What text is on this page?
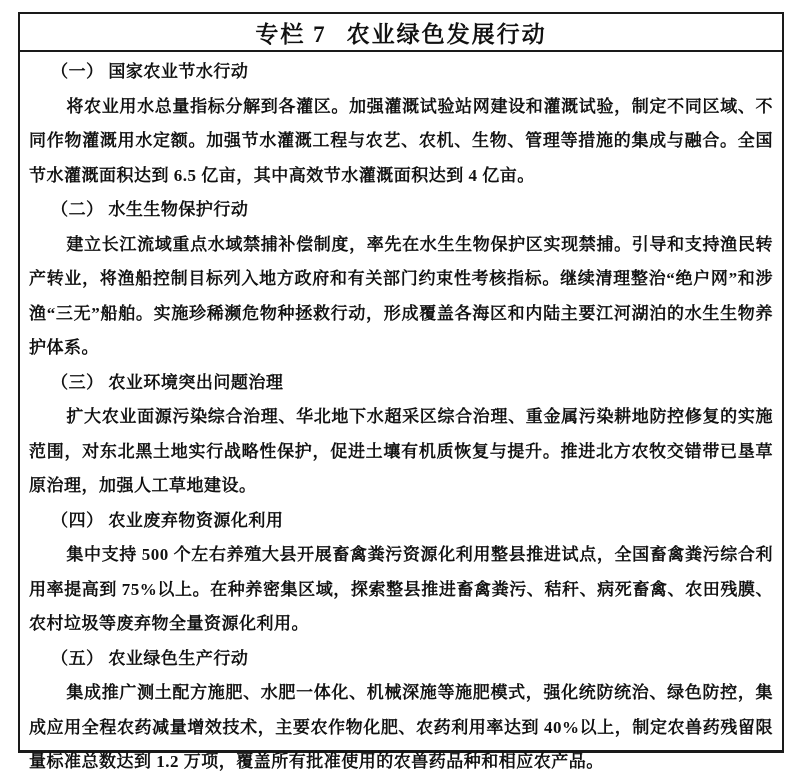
专栏 7 农业绿色发展行动
（一） 国家农业节水行动

将农业用水总量指标分解到各灌区。加强灌溉试验站网建设和灌溉试验，制定不同区域、不同作物灌溉用水定额。加强节水灌溉工程与农艺、农机、生物、管理等措施的集成与融合。全国节水灌溉面积达到 6.5 亿亩，其中高效节水灌溉面积达到 4 亿亩。

（二） 水生生物保护行动

建立长江流域重点水域禁捕补偿制度，率先在水生生物保护区实现禁捕。引导和支持渔民转产转业，将渔船控制目标列入地方政府和有关部门约束性考核指标。继续清理整治“绝户网”和涉渔“三无”船舶。实施珍稀濒危物种拯救行动，形成覆盖各海区和内陆主要江河湖泊的水生生物养护体系。

（三） 农业环境突出问题治理

扩大农业面源污染综合治理、华北地下水超采区综合治理、重金属污染耕地防控修复的实施范围，对东北黑土地实行战略性保护，促进土壤有机质恢复与提升。推进北方农牧交错带已垦草原治理，加强人工草地建设。

（四） 农业废弃物资源化利用

集中支持 500 个左右养殖大县开展畜禽粪污资源化利用整县推进试点，全国畜禽粪污综合利用率提高到 75%以上。在种养密集区域，探索整县推进畜禽粪污、秸秆、病死畜禽、农田残膜、农村垃圾等废弃物全量资源化利用。

（五） 农业绿色生产行动

集成推广测土配方施肥、水肥一体化、机械深施等施肥模式，强化统防统治、绿色防控，集成应用全程农药减量增效技术，主要农作物化肥、农药利用率达到 40%以上，制定农兽药残留限量标准总数达到 1.2 万项，覆盖所有批准使用的农兽药品种和相应农产品。
